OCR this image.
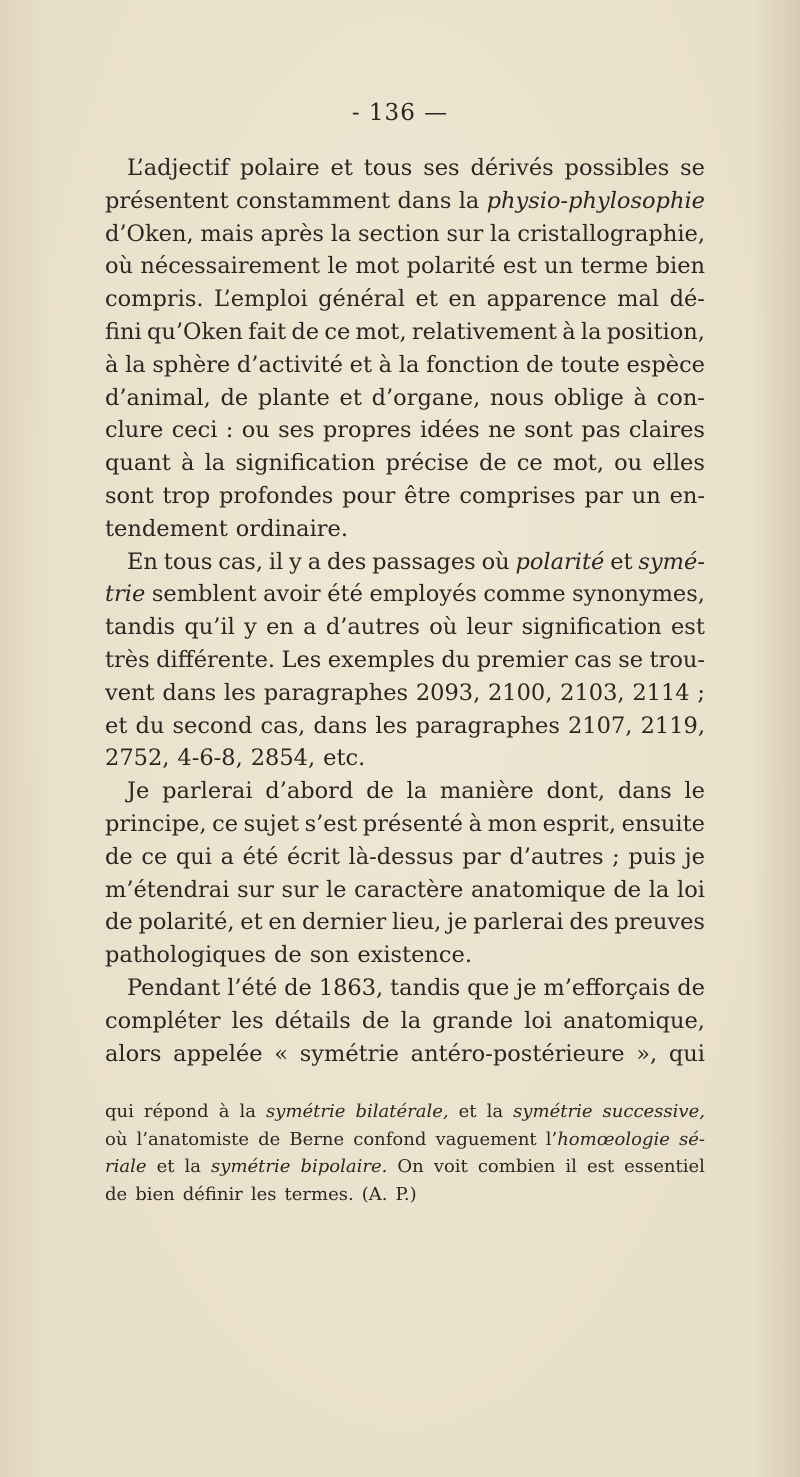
- 136 —
L’adjectif polaire et tous ses dérivés possibles se
présentent constamment dans la physio-phylosophie
d’Oken, mais après la section sur la cristallographie,
où nécessairement le mot polarité est un terme bien
compris. L’emploi général et en apparence mal dé-
fini qu’Oken fait de ce mot, relativement à la position,
à la sphère d’activité et à la fonction de toute espèce
d’animal, de plante et d’organe, nous oblige à con-
clure ceci : ou ses propres idées ne sont pas claires
quant à la signification précise de ce mot, ou elles
sont trop profondes pour être comprises par un en-
tendement ordinaire.
En tous cas, il y a des passages où polarité et symé-
trie semblent avoir été employés comme synonymes,
tandis qu’il y en a d’autres où leur signification est
très différente. Les exemples du premier cas se trou-
vent dans les paragraphes 2093, 2100, 2103, 2114 ;
et du second cas, dans les paragraphes 2107, 2119,
2752, 4-6-8, 2854, etc.
Je parlerai d’abord de la manière dont, dans le
principe, ce sujet s’est présenté à mon esprit, ensuite
de ce qui a été écrit là-dessus par d’autres ; puis je
m’étendrai sur sur le caractère anatomique de la loi
de polarité, et en dernier lieu, je parlerai des preuves
pathologiques de son existence.
Pendant l’été de 1863, tandis que je m’efforçais de
compléter les détails de la grande loi anatomique,
alors appelée « symétrie antéro-postérieure », qui
qui répond à la symétrie bilatérale, et la symétrie successive,
où l’anatomiste de Berne confond vaguement l’homœologie sé-
riale et la symétrie bipolaire. On voit combien il est essentiel
de bien définir les termes. (A. P.)
